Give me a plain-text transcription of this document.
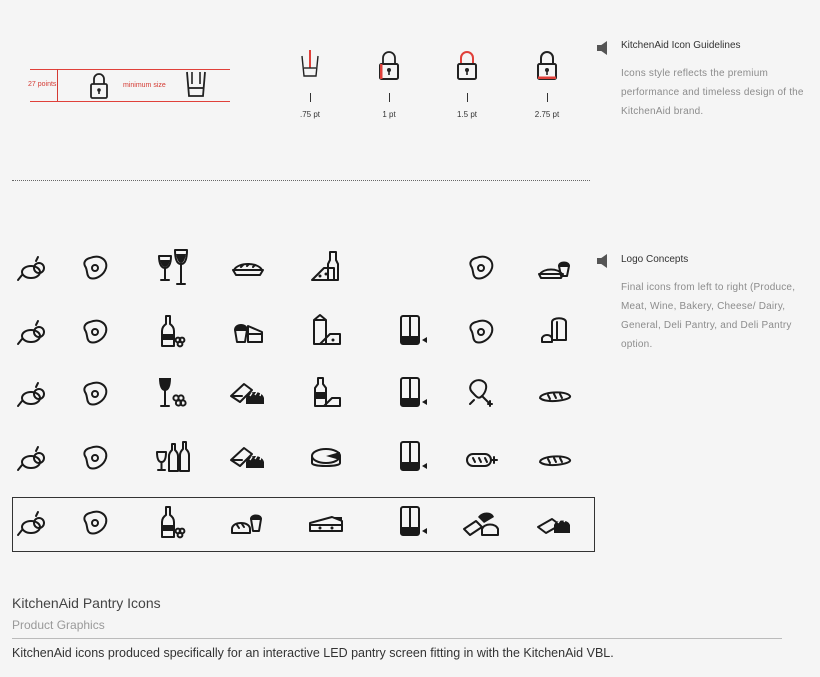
27 points	minimum size
.75 pt	1 pt	1.5 pt	2.75 pt
KitchenAid Icon Guidelines
Icons style reflects the premium performance and timeless design of the KitchenAid brand.
Logo Concepts
Final icons from left to right (Produce, Meat, Wine, Bakery, Cheese/ Dairy, General, Deli Pantry, and Deli Pantry option.
KitchenAid Pantry Icons
Product Graphics
KitchenAid icons produced specifically for an interactive LED pantry screen fitting in with the KitchenAid VBL.
